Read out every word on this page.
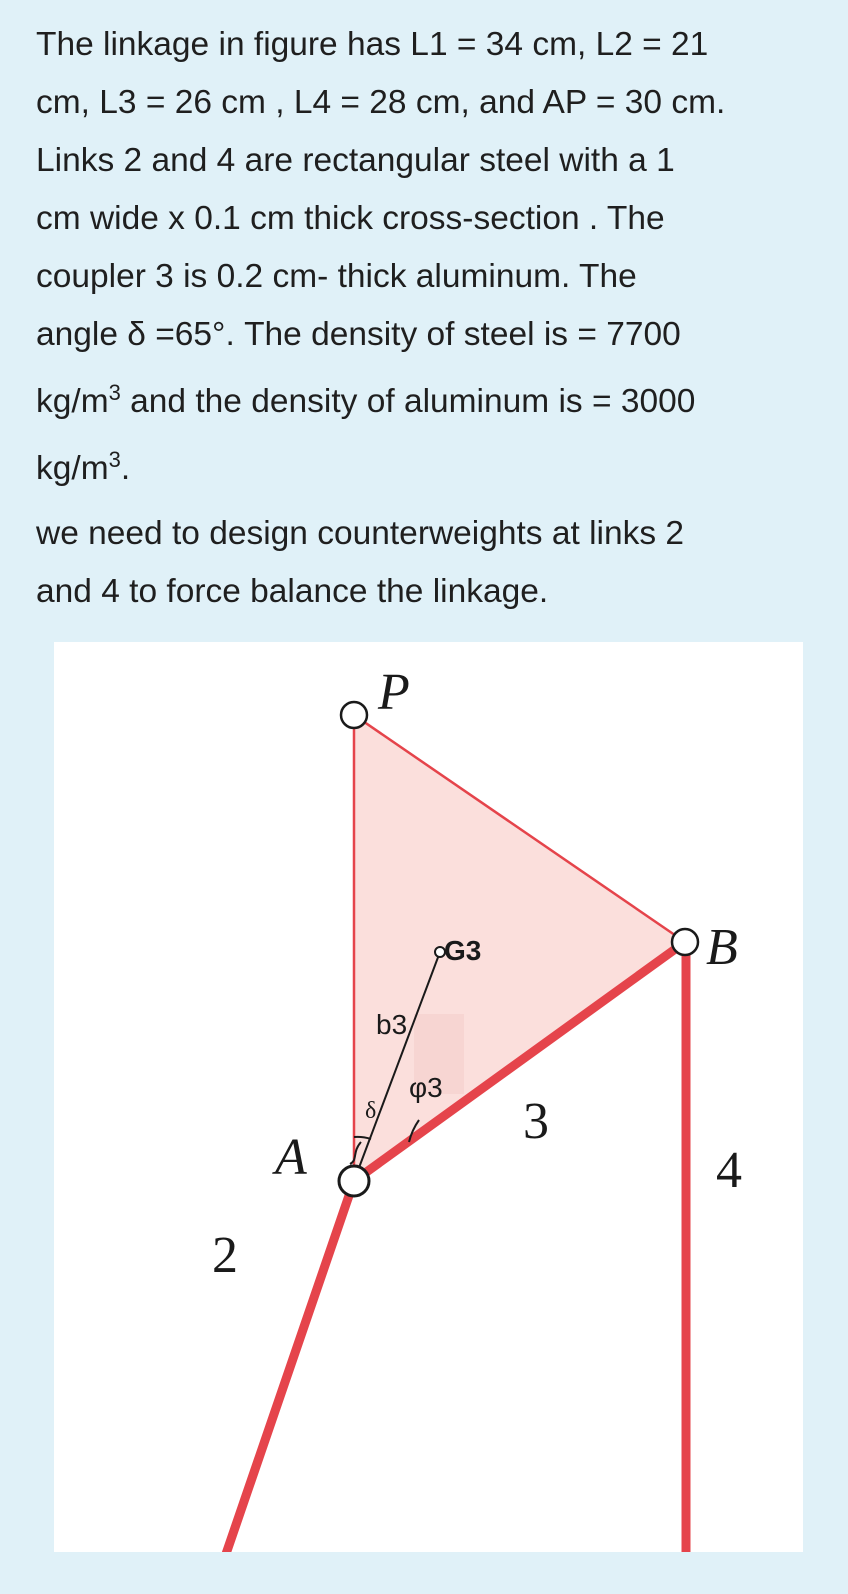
The linkage in figure has L1 = 34 cm, L2 = 21
cm, L3 = 26 cm , L4 = 28 cm, and AP = 30 cm.
Links 2 and 4 are rectangular steel with a 1
cm wide x 0.1 cm thick cross-section . The
coupler 3 is 0.2 cm- thick aluminum. The
angle δ =65°. The density of steel is = 7700
$kg/m^3$ and the density of aluminum is = 3000
$kg/m^3$.
we need to design counterweights at links 2
and 4 to force balance the linkage.
P
G3	B
b3
φ3
δ
A
2
3
4
